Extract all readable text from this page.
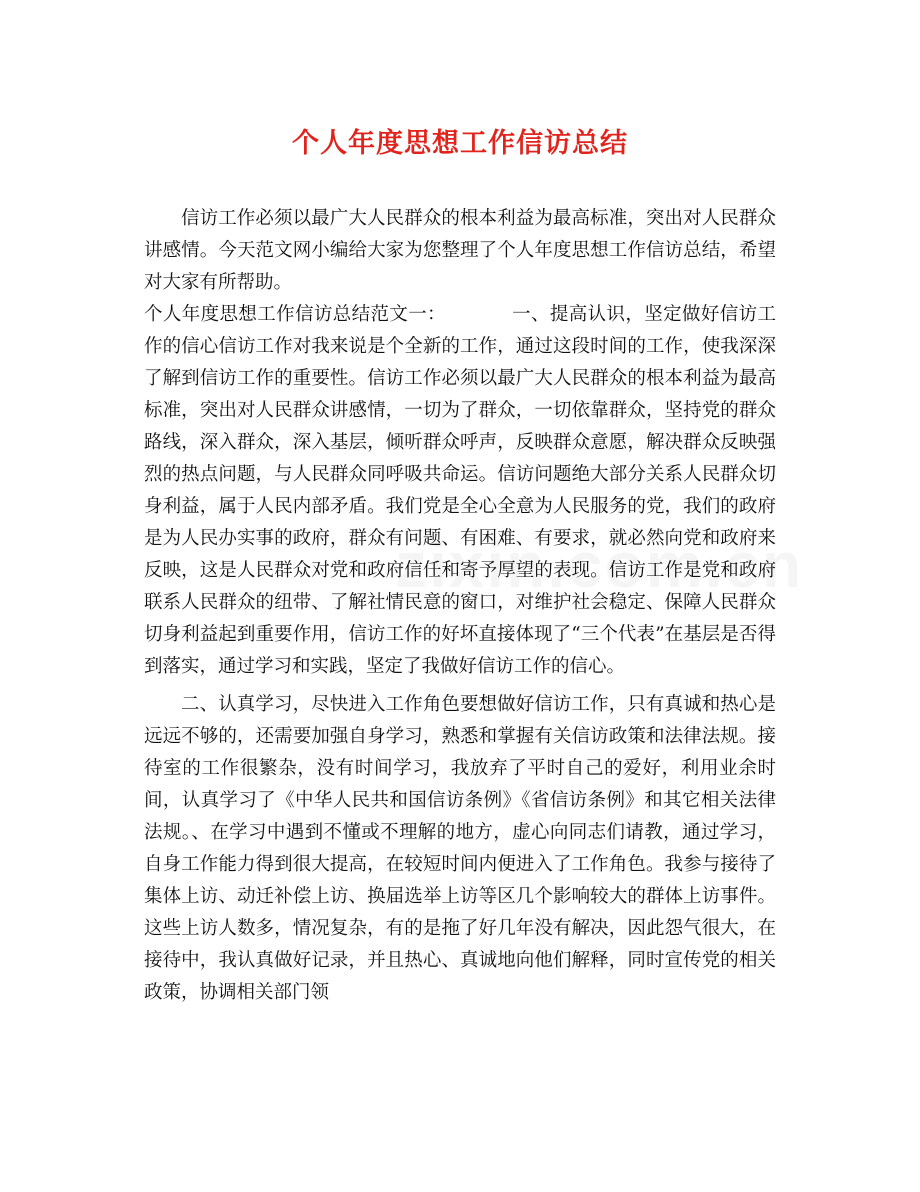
个人年度思想工作信访总结

信访工作必须以最广大人民群众的根本利益为最高标准，突出对人民群众讲感情。今天范文网小编给大家为您整理了个人年度思想工作信访总结，希望对大家有所帮助。

个人年度思想工作信访总结范文一：　　　　一、提高认识，坚定做好信访工作的信心信访工作对我来说是个全新的工作，通过这段时间的工作，使我深深了解到信访工作的重要性。信访工作必须以最广大人民群众的根本利益为最高标准，突出对人民群众讲感情，一切为了群众，一切依靠群众，坚持党的群众路线，深入群众，深入基层，倾听群众呼声，反映群众意愿，解决群众反映强烈的热点问题，与人民群众同呼吸共命运。信访问题绝大部分关系人民群众切身利益，属于人民内部矛盾。我们党是全心全意为人民服务的党，我们的政府是为人民办实事的政府，群众有问题、有困难、有要求，就必然向党和政府来反映，这是人民群众对党和政府信任和寄予厚望的表现。信访工作是党和政府联系人民群众的纽带、了解社情民意的窗口，对维护社会稳定、保障人民群众切身利益起到重要作用，信访工作的好坏直接体现了“三个代表”在基层是否得到落实，通过学习和实践，坚定了我做好信访工作的信心。

二、认真学习，尽快进入工作角色要想做好信访工作，只有真诚和热心是远远不够的，还需要加强自身学习，熟悉和掌握有关信访政策和法律法规。接待室的工作很繁杂，没有时间学习，我放弃了平时自己的爱好，利用业余时间，认真学习了《中华人民共和国信访条例》《省信访条例》和其它相关法律法规。、在学习中遇到不懂或不理解的地方，虚心向同志们请教，通过学习，自身工作能力得到很大提高，在较短时间内便进入了工作角色。我参与接待了集体上访、动迁补偿上访、换届选举上访等区几个影响较大的群体上访事件。这些上访人数多，情况复杂，有的是拖了好几年没有解决，因此怨气很大，在接待中，我认真做好记录，并且热心、真诚地向他们解释，同时宣传党的相关政策，协调相关部门领
